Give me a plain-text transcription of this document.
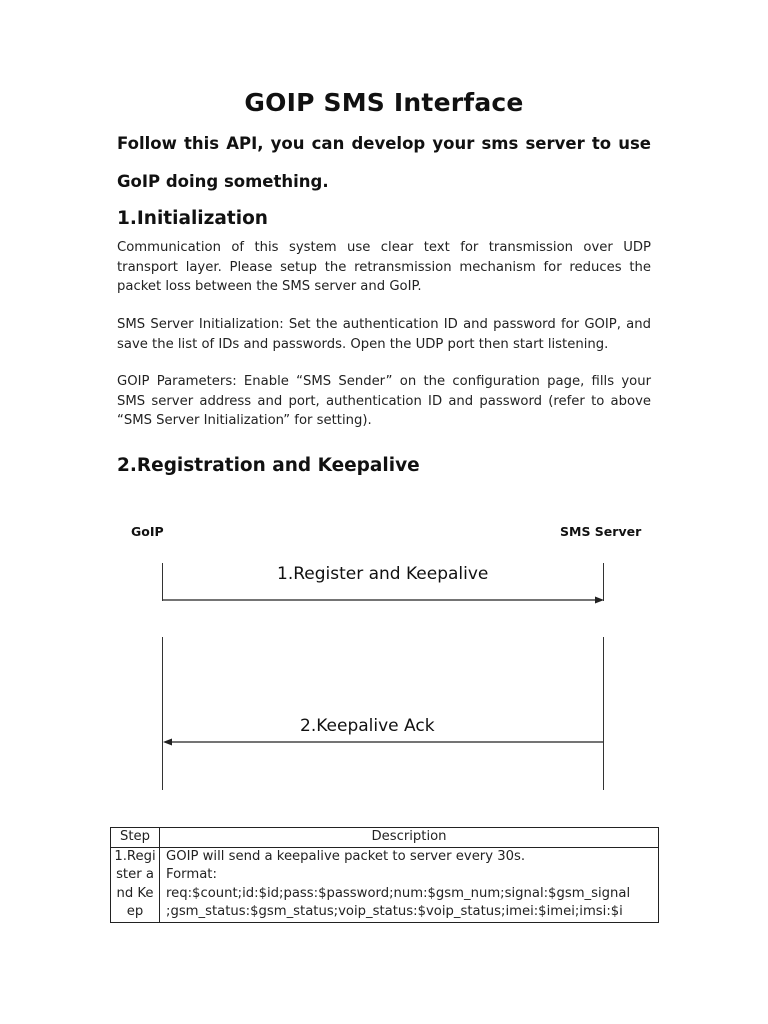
GOIP SMS Interface
Follow this API, you can develop your sms server to use
GoIP doing something.
1.Initialization

Communication of this system use clear text for transmission over UDP transport layer. Please setup the retransmission mechanism for reduces the packet loss between the SMS server and GoIP.

SMS Server Initialization: Set the authentication ID and password for GOIP, and save the list of IDs and passwords. Open the UDP port then start listening.

GOIP Parameters: Enable “SMS Sender” on the configuration page, fills your SMS server address and port, authentication ID and password (refer to above “SMS Server Initialization” for setting).

2.Registration and Keepalive
GoIP	SMS Server
1.Register and Keepalive
2.Keepalive Ack
Step	Description
1.Register and Keep	GOIP will send a keepalive packet to server every 30s.
Format:
req:$count;id:$id;pass:$password;num:$gsm_num;signal:$gsm_signal
;gsm_status:$gsm_status;voip_status:$voip_status;imei:$imei;imsi:$i
